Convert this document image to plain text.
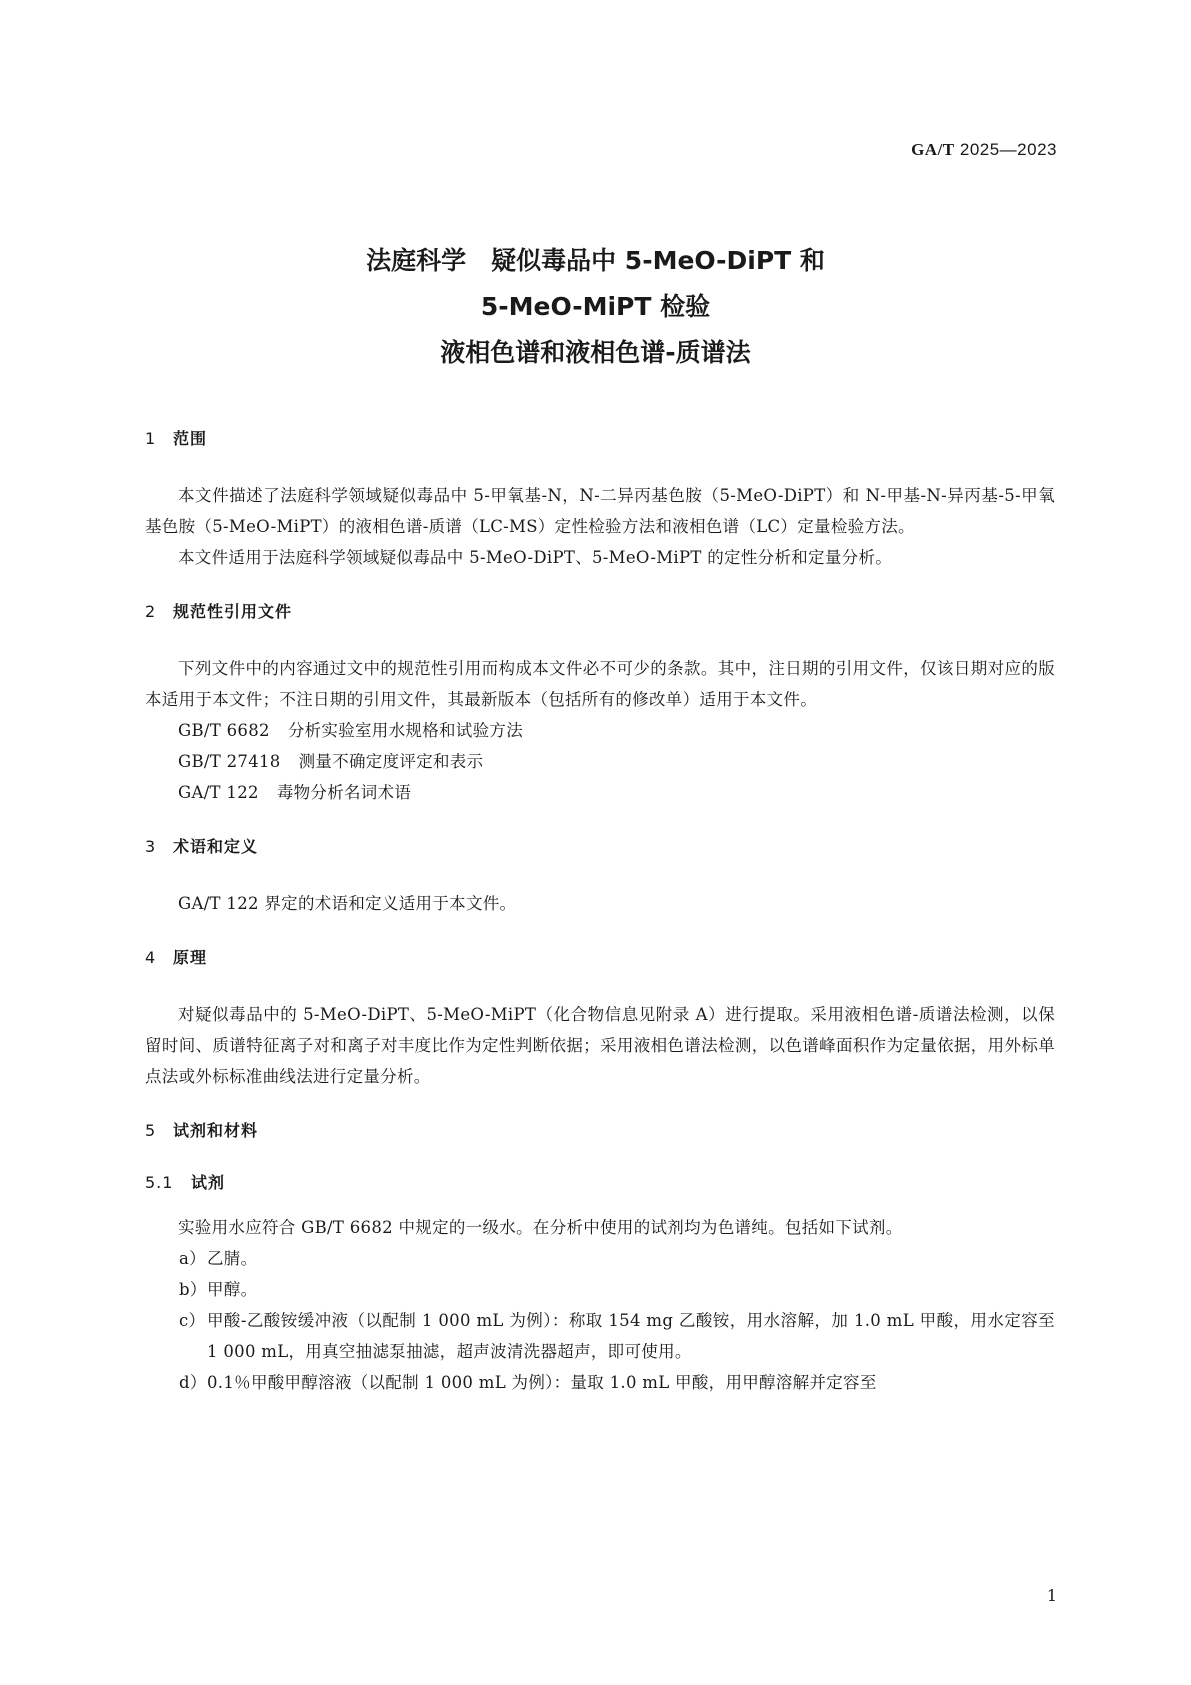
GA/T 2025—2023
法庭科学　疑似毒品中 5-MeO-DiPT 和
5-MeO-MiPT 检验
液相色谱和液相色谱-质谱法
1 范围
本文件描述了法庭科学领域疑似毒品中 5-甲氧基-N，N-二异丙基色胺（5-MeO-DiPT）和 N-甲基-N-异丙基-5-甲氧基色胺（5-MeO-MiPT）的液相色谱-质谱（LC-MS）定性检验方法和液相色谱（LC）定量检验方法。
本文件适用于法庭科学领域疑似毒品中 5-MeO-DiPT、5-MeO-MiPT 的定性分析和定量分析。
2 规范性引用文件
下列文件中的内容通过文中的规范性引用而构成本文件必不可少的条款。其中，注日期的引用文件，仅该日期对应的版本适用于本文件；不注日期的引用文件，其最新版本（包括所有的修改单）适用于本文件。
GB/T 6682 分析实验室用水规格和试验方法
GB/T 27418 测量不确定度评定和表示
GA/T 122 毒物分析名词术语
3 术语和定义
GA/T 122 界定的术语和定义适用于本文件。
4 原理
对疑似毒品中的 5-MeO-DiPT、5-MeO-MiPT（化合物信息见附录 A）进行提取。采用液相色谱-质谱法检测，以保留时间、质谱特征离子对和离子对丰度比作为定性判断依据；采用液相色谱法检测，以色谱峰面积作为定量依据，用外标单点法或外标标准曲线法进行定量分析。
5 试剂和材料
5.1 试剂
实验用水应符合 GB/T 6682 中规定的一级水。在分析中使用的试剂均为色谱纯。包括如下试剂。
a） 乙腈。
b） 甲醇。
c） 甲酸-乙酸铵缓冲液（以配制 1 000 mL 为例）：称取 154 mg 乙酸铵，用水溶解，加 1.0 mL 甲酸，用水定容至 1 000 mL，用真空抽滤泵抽滤，超声波清洗器超声，即可使用。
d） 0.1％甲酸甲醇溶液（以配制 1 000 mL 为例）：量取 1.0 mL 甲酸，用甲醇溶解并定容至
1
